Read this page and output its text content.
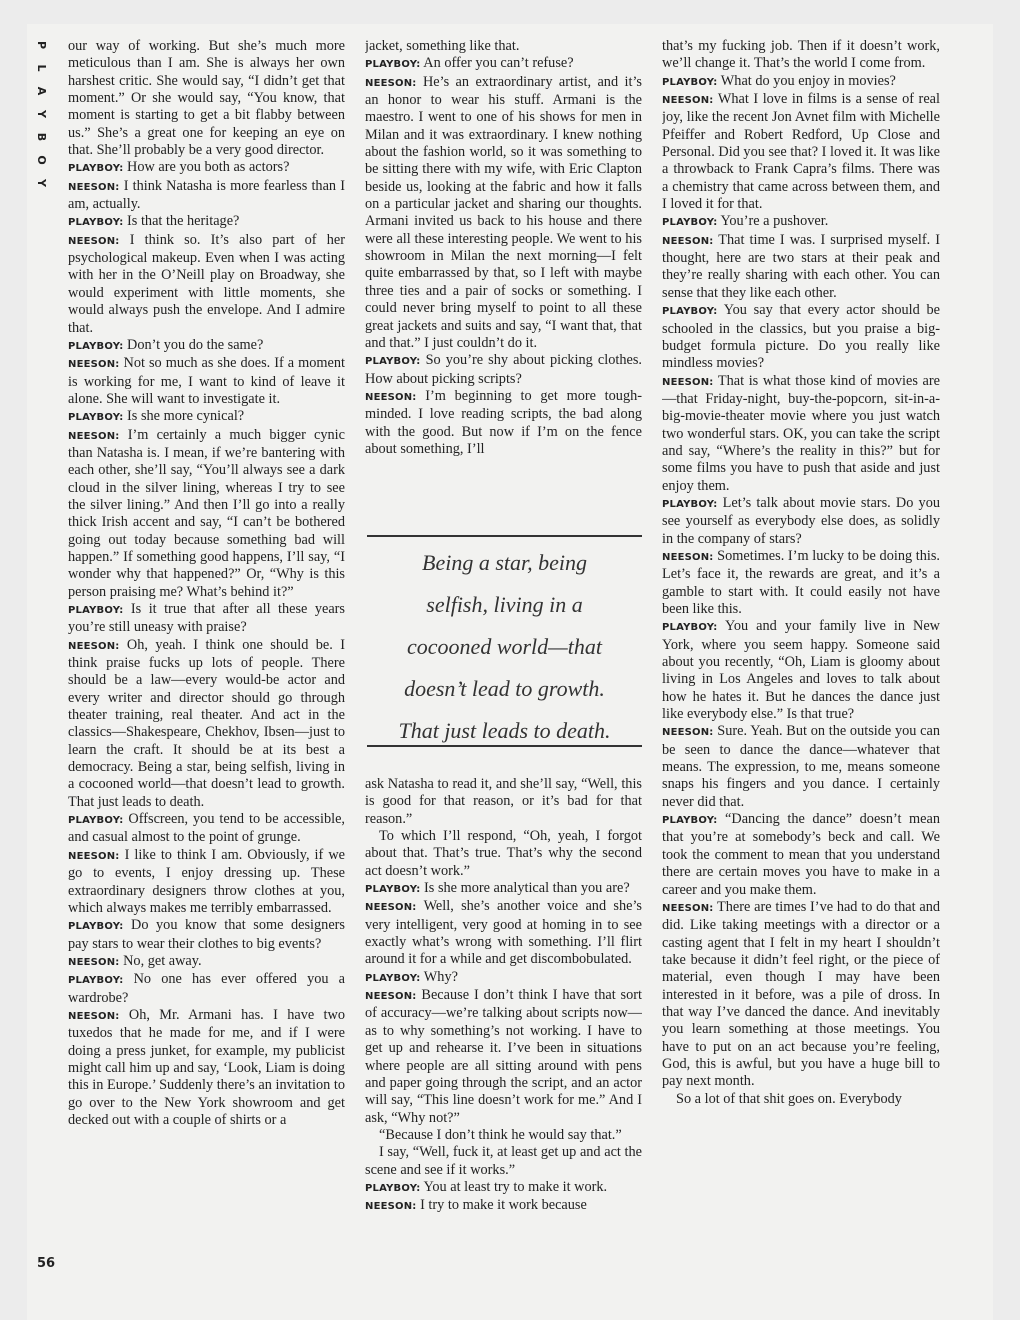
P
L
A
Y
B
O
Y

our way of working. But she’s much more meticulous than I am. She is always her own harshest critic. She would say, “I didn’t get that moment.” Or she would say, “You know, that moment is starting to get a bit flabby between us.” She’s a great one for keeping an eye on that. She’ll probably be a very good director.

PLAYBOY: How are you both as actors?

NEESON: I think Natasha is more fearless than I am, actually.

PLAYBOY: Is that the heritage?

NEESON: I think so. It’s also part of her psychological makeup. Even when I was acting with her in the O’Neill play on Broadway, she would experiment with little moments, she would always push the envelope. And I admire that.

PLAYBOY: Don’t you do the same?

NEESON: Not so much as she does. If a moment is working for me, I want to kind of leave it alone. She will want to investigate it.

PLAYBOY: Is she more cynical?

NEESON: I’m certainly a much bigger cynic than Natasha is. I mean, if we’re bantering with each other, she’ll say, “You’ll always see a dark cloud in the silver lining, whereas I try to see the silver lining.” And then I’ll go into a really thick Irish accent and say, “I can’t be bothered going out today because something bad will happen.” If something good happens, I’ll say, “I wonder why that happened?” Or, “Why is this person praising me? What’s behind it?”

PLAYBOY: Is it true that after all these years you’re still uneasy with praise?

NEESON: Oh, yeah. I think one should be. I think praise fucks up lots of people. There should be a law—every would-be actor and every writer and director should go through theater training, real theater. And act in the classics—Shakespeare, Chekhov, Ibsen—just to learn the craft. It should be at its best a democracy. Being a star, being selfish, living in a cocooned world—that doesn’t lead to growth. That just leads to death.

PLAYBOY: Offscreen, you tend to be accessible, and casual almost to the point of grunge.

NEESON: I like to think I am. Obviously, if we go to events, I enjoy dressing up. These extraordinary designers throw clothes at you, which always makes me terribly embarrassed.

PLAYBOY: Do you know that some designers pay stars to wear their clothes to big events?

NEESON: No, get away.

PLAYBOY: No one has ever offered you a wardrobe?

NEESON: Oh, Mr. Armani has. I have two tuxedos that he made for me, and if I were doing a press junket, for example, my publicist might call him up and say, ‘Look, Liam is doing this in Europe.’ Suddenly there’s an invitation to go over to the New York showroom and get decked out with a couple of shirts or a

jacket, something like that.

PLAYBOY: An offer you can’t refuse?

NEESON: He’s an extraordinary artist, and it’s an honor to wear his stuff. Armani is the maestro. I went to one of his shows for men in Milan and it was extraordinary. I knew nothing about the fashion world, so it was something to be sitting there with my wife, with Eric Clapton beside us, looking at the fabric and how it falls on a particular jacket and sharing our thoughts. Armani invited us back to his house and there were all these interesting people. We went to his showroom in Milan the next morning—I felt quite embarrassed by that, so I left with maybe three ties and a pair of socks or something. I could never bring myself to point to all these great jackets and suits and say, “I want that, that and that.” I just couldn’t do it.

PLAYBOY: So you’re shy about picking clothes. How about picking scripts?

NEESON: I’m beginning to get more tough-minded. I love reading scripts, the bad along with the good. But now if I’m on the fence about something, I’ll

Being a star, being
selfish, living in a
cocooned world—that
doesn’t lead to growth.
That just leads to death.

ask Natasha to read it, and she’ll say, “Well, this is good for that reason, or it’s bad for that reason.”

To which I’ll respond, “Oh, yeah, I forgot about that. That’s true. That’s why the second act doesn’t work.”

PLAYBOY: Is she more analytical than you are?

NEESON: Well, she’s another voice and she’s very intelligent, very good at homing in to see exactly what’s wrong with something. I’ll flirt around it for a while and get discombobulated.

PLAYBOY: Why?

NEESON: Because I don’t think I have that sort of accuracy—we’re talking about scripts now—as to why something’s not working. I have to get up and rehearse it. I’ve been in situations where people are all sitting around with pens and paper going through the script, and an actor will say, “This line doesn’t work for me.” And I ask, “Why not?”

“Because I don’t think he would say that.”

I say, “Well, fuck it, at least get up and act the scene and see if it works.”

PLAYBOY: You at least try to make it work.

NEESON: I try to make it work because

that’s my fucking job. Then if it doesn’t work, we’ll change it. That’s the world I come from.

PLAYBOY: What do you enjoy in movies?

NEESON: What I love in films is a sense of real joy, like the recent Jon Avnet film with Michelle Pfeiffer and Robert Redford, Up Close and Personal. Did you see that? I loved it. It was like a throwback to Frank Capra’s films. There was a chemistry that came across between them, and I loved it for that.

PLAYBOY: You’re a pushover.

NEESON: That time I was. I surprised myself. I thought, here are two stars at their peak and they’re really sharing with each other. You can sense that they like each other.

PLAYBOY: You say that every actor should be schooled in the classics, but you praise a big-budget formula picture. Do you really like mindless movies?

NEESON: That is what those kind of movies are—that Friday-night, buy-the-popcorn, sit-in-a-big-movie-theater movie where you just watch two wonderful stars. OK, you can take the script and say, “Where’s the reality in this?” but for some films you have to push that aside and just enjoy them.

PLAYBOY: Let’s talk about movie stars. Do you see yourself as everybody else does, as solidly in the company of stars?

NEESON: Sometimes. I’m lucky to be doing this. Let’s face it, the rewards are great, and it’s a gamble to start with. It could easily not have been like this.

PLAYBOY: You and your family live in New York, where you seem happy. Someone said about you recently, “Oh, Liam is gloomy about living in Los Angeles and loves to talk about how he hates it. But he dances the dance just like everybody else.” Is that true?

NEESON: Sure. Yeah. But on the outside you can be seen to dance the dance—whatever that means. The expression, to me, means someone snaps his fingers and you dance. I certainly never did that.

PLAYBOY: “Dancing the dance” doesn’t mean that you’re at somebody’s beck and call. We took the comment to mean that you understand there are certain moves you have to make in a career and you make them.

NEESON: There are times I’ve had to do that and did. Like taking meetings with a director or a casting agent that I felt in my heart I shouldn’t take because it didn’t feel right, or the piece of material, even though I may have been interested in it before, was a pile of dross. In that way I’ve danced the dance. And inevitably you learn something at those meetings. You have to put on an act because you’re feeling, God, this is awful, but you have a huge bill to pay next month.

So a lot of that shit goes on. Everybody

56
